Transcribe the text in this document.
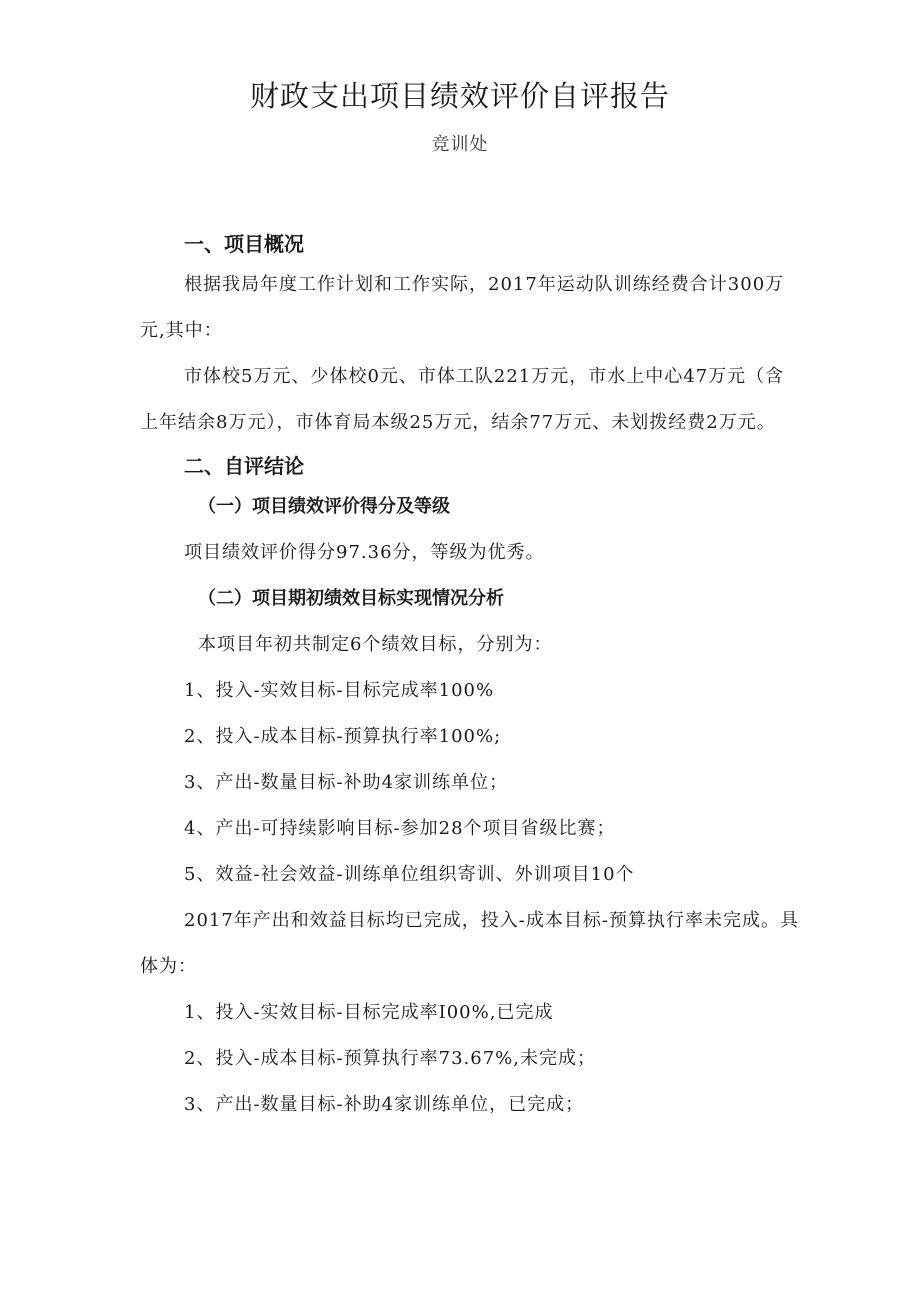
财政支出项目绩效评价自评报告
竞训处
一、项目概况

根据我局年度工作计划和工作实际，2017年运动队训练经费合计300万元,其中：

市体校5万元、少体校0元、市体工队221万元，市水上中心47万元（含上年结余8万元），市体育局本级25万元，结余77万元、未划拨经费2万元。

二、自评结论
（一）项目绩效评价得分及等级

项目绩效评价得分97.36分，等级为优秀。

（二）项目期初绩效目标实现情况分析

本项目年初共制定6个绩效目标，分别为：

1、投入-实效目标-目标完成率100%

2、投入-成本目标-预算执行率100%;

3、产出-数量目标-补助4家训练单位；

4、产出-可持续影响目标-参加28个项目省级比赛；

5、效益-社会效益-训练单位组织寄训、外训项目10个

2017年产出和效益目标均已完成，投入-成本目标-预算执行率未完成。具体为：

1、投入-实效目标-目标完成率I00%,已完成

2、投入-成本目标-预算执行率73.67%,未完成；

3、产出-数量目标-补助4家训练单位，已完成；
